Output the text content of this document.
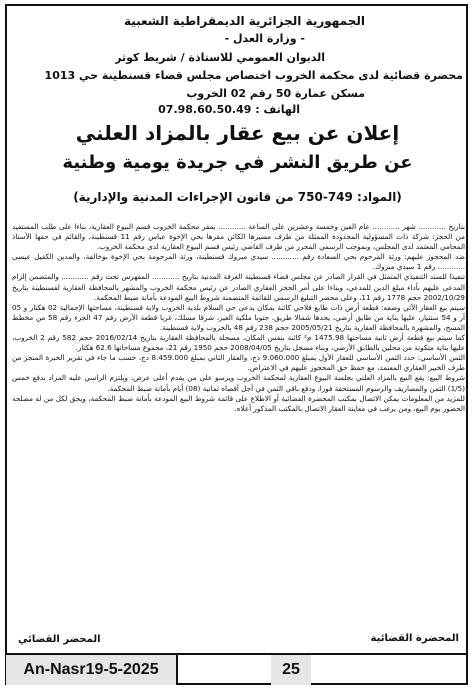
الجمهورية الجزائرية الديمقراطية الشعبية
- وزارة العدل -
الديوان العمومي للاستاذة / شريط كوثر
محضرة قضائية لدى محكمة الخروب اختصاص مجلس قضاء قسنطينة حي 1013
مسكن عمارة 50 رقم 02 الخروب
الهاتف : 07.98.60.50.49
إعلان عن بيع عقار بالمزاد العلني
عن طريق النشر في جريدة يومية وطنية
(المواد: 749-750 من قانون الإجراءات المدنية والإدارية)

بتاريخ ............ شهر ............ عام الفين وخمسة وعشرين على الساعة ............ بمقر محكمة الخروب قسم البيوع العقارية، بناءا على طلب المستفيد من الحجز: شركة ذات المسؤولية المحدودة الممثلة من طرف مسيرها الكائن مقرها بحي الإخوة عباس رقم 11 قسنطينة، والقائم في حقها الأستاذ المحامي المعتمد لدى المجلس، وبموجب الرسمي المحرر من طرف القاضي رئيس قسم البيوع العقارية لدى محكمة الخروب.

ضد المحجوز عليهم: ورثة المرحوم بحي السعادة رقم ............ سيدي مبروك قسنطينة، ورثة المرحومة بحي الإخوة بوخالفة، والمدين الكفيل عيسى ............ رقم 1 سيدي مبروك.

تنفيذا للسند التنفيذي المتمثل في القرار الصادر عن مجلس قضاء قسنطينة الغرفة المدنية بتاريخ ............ المفهرس تحت رقم ............ والمتضمن إلزام المدعى عليهم بأداء مبلغ الدين للمدعي، وبناءا على أمر الحجز العقاري الصادر عن رئيس محكمة الخروب والمشهر بالمحافظة العقارية لقسنطينة بتاريخ 2002/10/29 حجم 1778 رقم 11، وعلى محضر التبليغ الرسمي للقائمة المتضمنة شروط البيع المودعة بأمانة ضبط المحكمة.

سيتم بيع العقار الآتي وصفه: قطعة أرض ذات طابع فلاحي كائنة بمكان يدعى حي السلام بلدية الخروب ولاية قسنطينة، مساحتها الإجمالية 02 هكتار و 05 آر و 54 سنتيار، عليها بناية من طابق أرضي، يحدها شمالا طريق، جنوبا ملكية الغير، شرقا مسلك، غربا قطعة الأرض رقم 47 الجزء رقم 58 من مخطط المسح، والمشهرة بالمحافظة العقارية بتاريخ 2005/05/21 حجم 238 رقم 48 بالخروب ولاية قسنطينة.

كما سيتم بيع قطعة أرض ثانية مساحتها 1475.98 م² كائنة بنفس المكان، مسجلة بالمحافظة العقارية بتاريخ 2016/02/14 حجم 582 رقم 2 الخروب، عليها بناية متكونة من محلين بالطابق الأرضي، وبناء مسجل بتاريخ 2008/04/05 حجم 1950 رقم 21، مجموع مساحاتها 62.6 هكتار.

الثمن الأساسي: حدد الثمن الأساسي للعقار الأول بمبلغ 9.060.000 دج، والعقار الثاني بمبلغ 8.459.000 دج، حسب ما جاء في تقرير الخبرة المنجز من طرف الخبير العقاري المعتمد، مع حفظ حق المحجوز عليهم في الاعتراض.

شروط البيع: يقع البيع بالمزاد العلني بجلسة البيوع العقارية لمحكمة الخروب ويرسو على من يقدم أعلى عرض، ويلتزم الراسي عليه المزاد بدفع خمس (1/5) الثمن والمصاريف والرسوم المستحقة فورا، ودفع باقي الثمن في أجل أقصاه ثمانية (08) أيام بأمانة ضبط المحكمة.

للمزيد من المعلومات يمكن الاتصال بمكتب المحضرة القضائية أو الاطلاع على قائمة شروط البيع المودعة بأمانة ضبط المحكمة، ويحق لكل من له مصلحة الحضور يوم البيع، ومن يرغب في معاينة العقار الاتصال بالمكتب المذكور أعلاه.

المحضر القضائي	المحضرة القضائية
An-Nasr19-5-2025	25
